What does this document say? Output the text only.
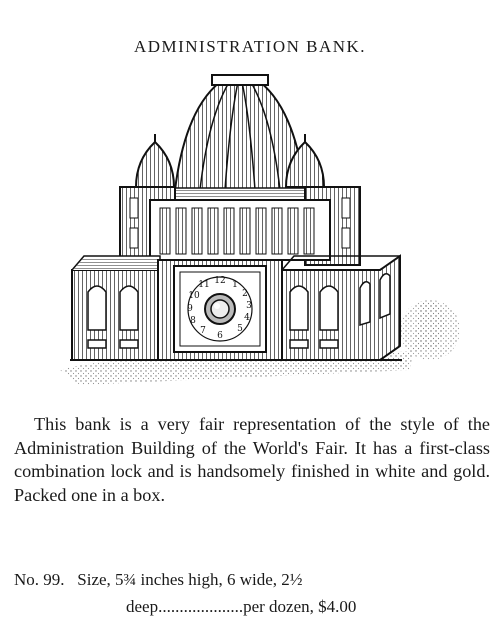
ADMINISTRATION BANK.
12 1
2
3
4
5
6
7
8
9
10
11
This bank is a very fair representation of the style of the Administration Building of the World's Fair. It has a first-class combination lock and is handsomely finished in white and gold. Packed one in a box.
No. 99.   Size, 5¾ inches high, 6 wide, 2½
deep....................per dozen, $4.00
